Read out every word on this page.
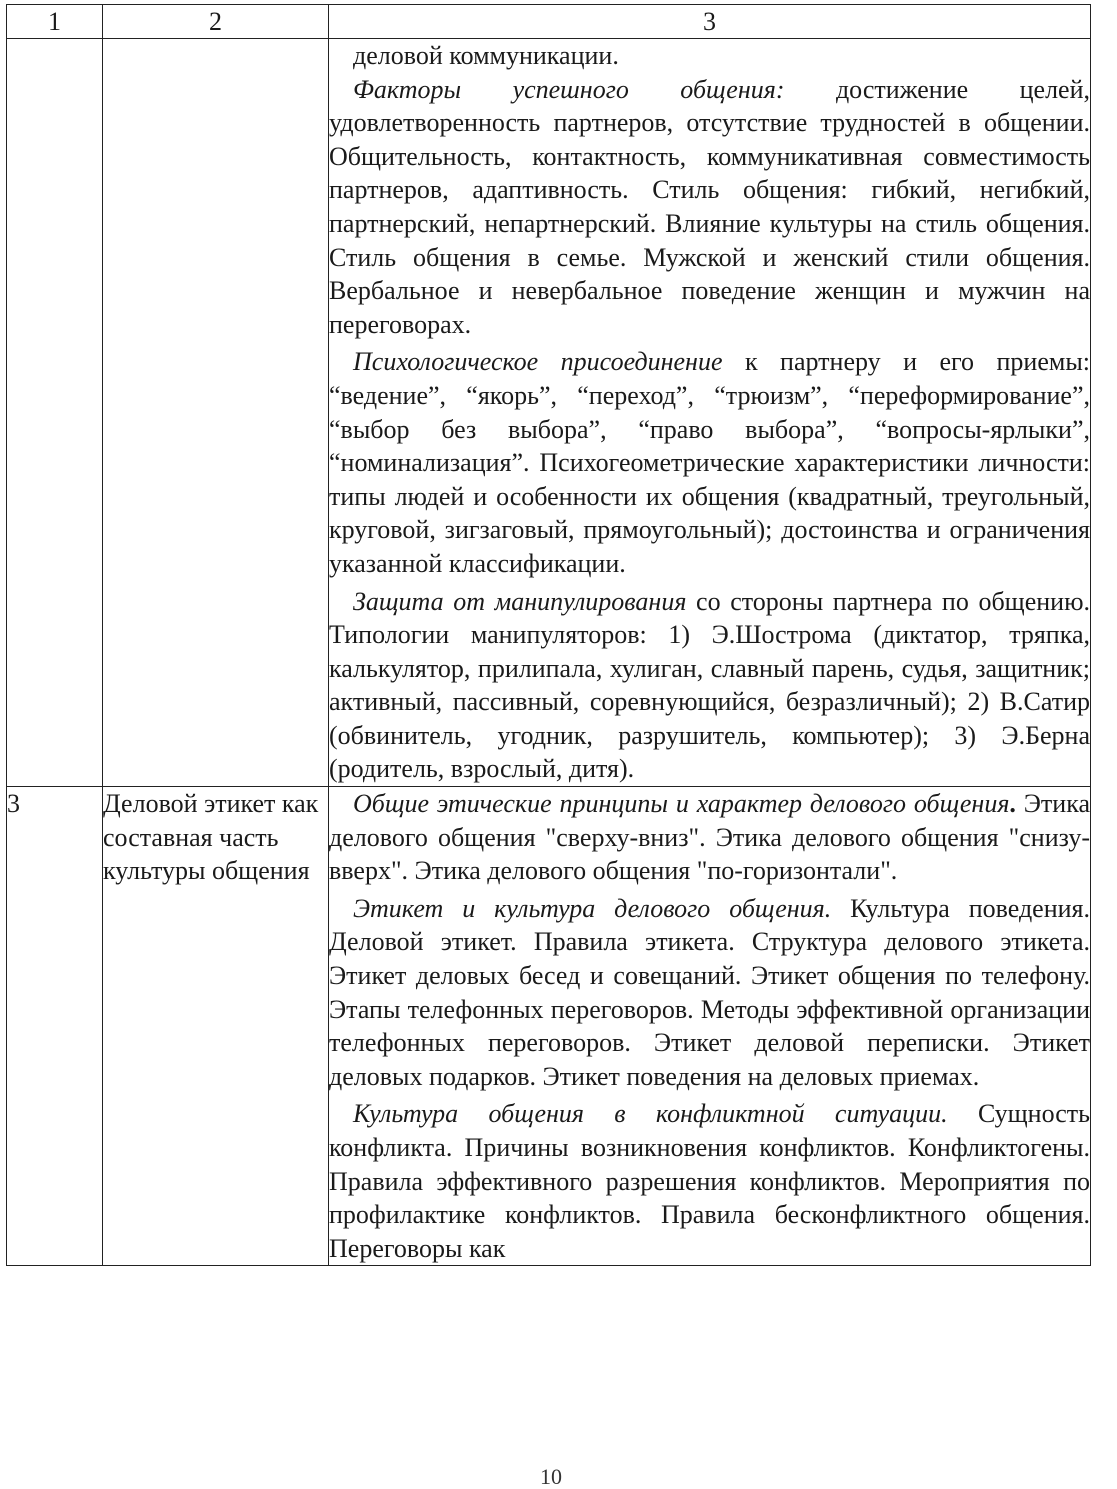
1	2	3

		деловой коммуникации.

Факторы успешного общения: достижение целей, удовлетворенность партнеров, отсутствие трудностей в общении. Общительность, контактность, коммуникативная совместимость партнеров, адаптивность. Стиль общения: гибкий, негибкий, партнерский, непартнерский. Влияние культуры на стиль общения. Стиль общения в семье. Мужской и женский стили общения. Вербальное и невербальное поведение женщин и мужчин на переговорах.

Психологическое присоединение к партнеру и его приемы: “ведение”, “якорь”, “переход”, “трюизм”, “переформирование”, “выбор без выбора”, “право выбора”, “вопросы-ярлыки”, “номинализация”. Психогеометрические характеристики личности: типы людей и особенности их общения (квадратный, треугольный, круговой, зигзаговый, прямоугольный); достоинства и ограничения указанной классификации.

Защита от манипулирования со стороны партнера по общению. Типологии манипуляторов: 1) Э.Шострома (диктатор, тряпка, калькулятор, прилипала, хулиган, славный парень, судья, защитник; активный, пассивный, соревнующийся, безразличный); 2) В.Сатир (обвинитель, угодник, разрушитель, компьютер); 3) Э.Берна (родитель, взрослый, дитя).

3	Деловой этикет как составная часть культуры общения	Общие этические принципы и характер делового общения. Этика делового общения "сверху-вниз". Этика делового общения "снизу-вверх". Этика делового общения "по-горизонтали".

Этикет и культура делового общения. Культура поведения. Деловой этикет. Правила этикета. Структура делового этикета. Этикет деловых бесед и совещаний. Этикет общения по телефону. Этапы телефонных переговоров. Методы эффективной организации телефонных переговоров. Этикет деловой переписки. Этикет деловых подарков. Этикет поведения на деловых приемах.

Культура общения в конфликтной ситуации. Сущность конфликта. Причины возникновения конфликтов. Конфликтогены. Правила эффективного разрешения конфликтов. Мероприятия по профилактике конфликтов. Правила бесконфликтного общения. Переговоры как

10
